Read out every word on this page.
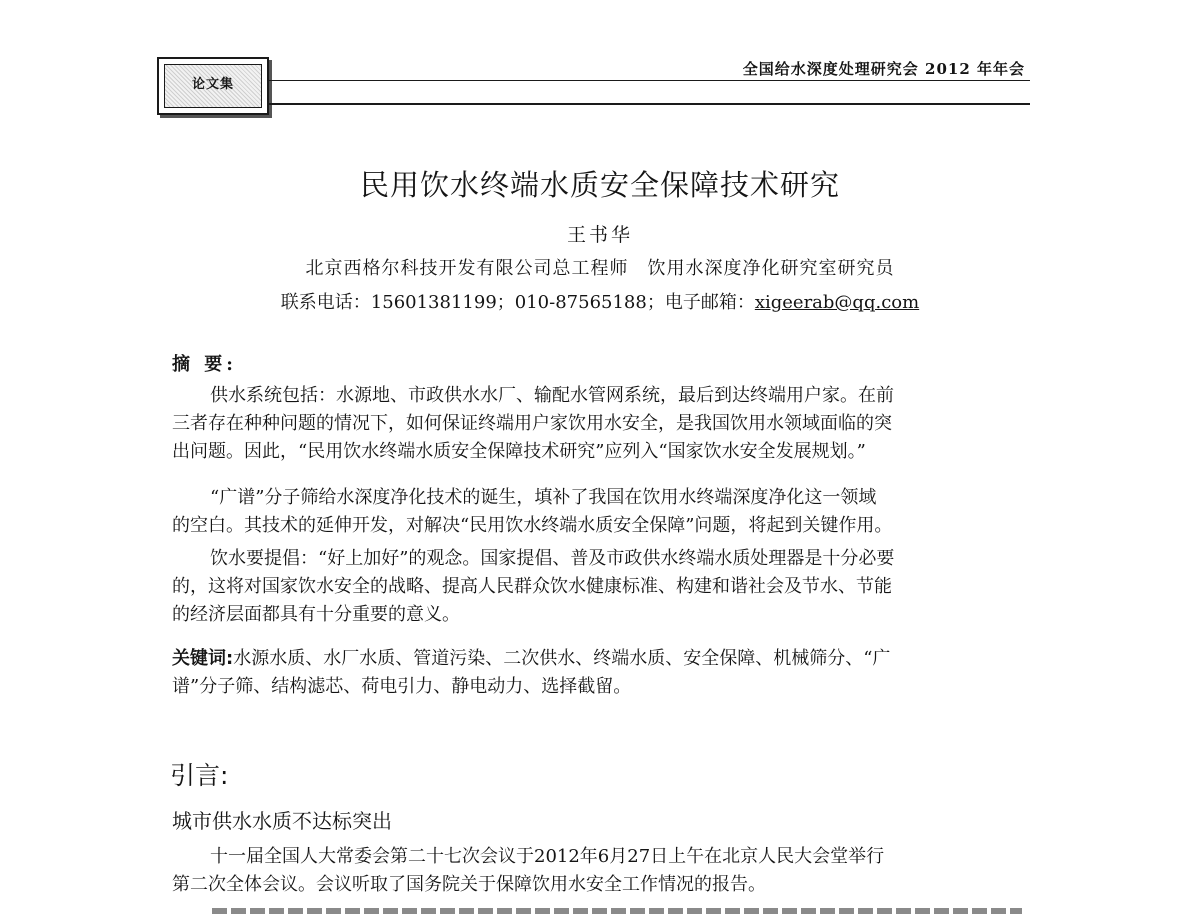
论文集
全国给水深度处理研究会 2012 年年会
民用饮水终端水质安全保障技术研究
王书华
北京西格尔科技开发有限公司总工程师　饮用水深度净化研究室研究员
联系电话：15601381199；010-87565188；电子邮箱：xigeerab@qq.com
摘 要:
供水系统包括：水源地、市政供水水厂、输配水管网系统，最后到达终端用户家。在前
三者存在种种问题的情况下，如何保证终端用户家饮用水安全，是我国饮用水领域面临的突
出问题。因此，“民用饮水终端水质安全保障技术研究”应列入“国家饮水安全发展规划。”
“广谱”分子筛给水深度净化技术的诞生，填补了我国在饮用水终端深度净化这一领域
的空白。其技术的延伸开发，对解决“民用饮水终端水质安全保障”问题，将起到关键作用。
饮水要提倡：“好上加好”的观念。国家提倡、普及市政供水终端水质处理器是十分必要
的，这将对国家饮水安全的战略、提高人民群众饮水健康标准、构建和谐社会及节水、节能
的经济层面都具有十分重要的意义。
关键词:水源水质、水厂水质、管道污染、二次供水、终端水质、安全保障、机械筛分、“广
谱”分子筛、结构滤芯、荷电引力、静电动力、选择截留。
引言:
城市供水水质不达标突出
十一届全国人大常委会第二十七次会议于2012年6月27日上午在北京人民大会堂举行
第二次全体会议。会议听取了国务院关于保障饮用水安全工作情况的报告。
